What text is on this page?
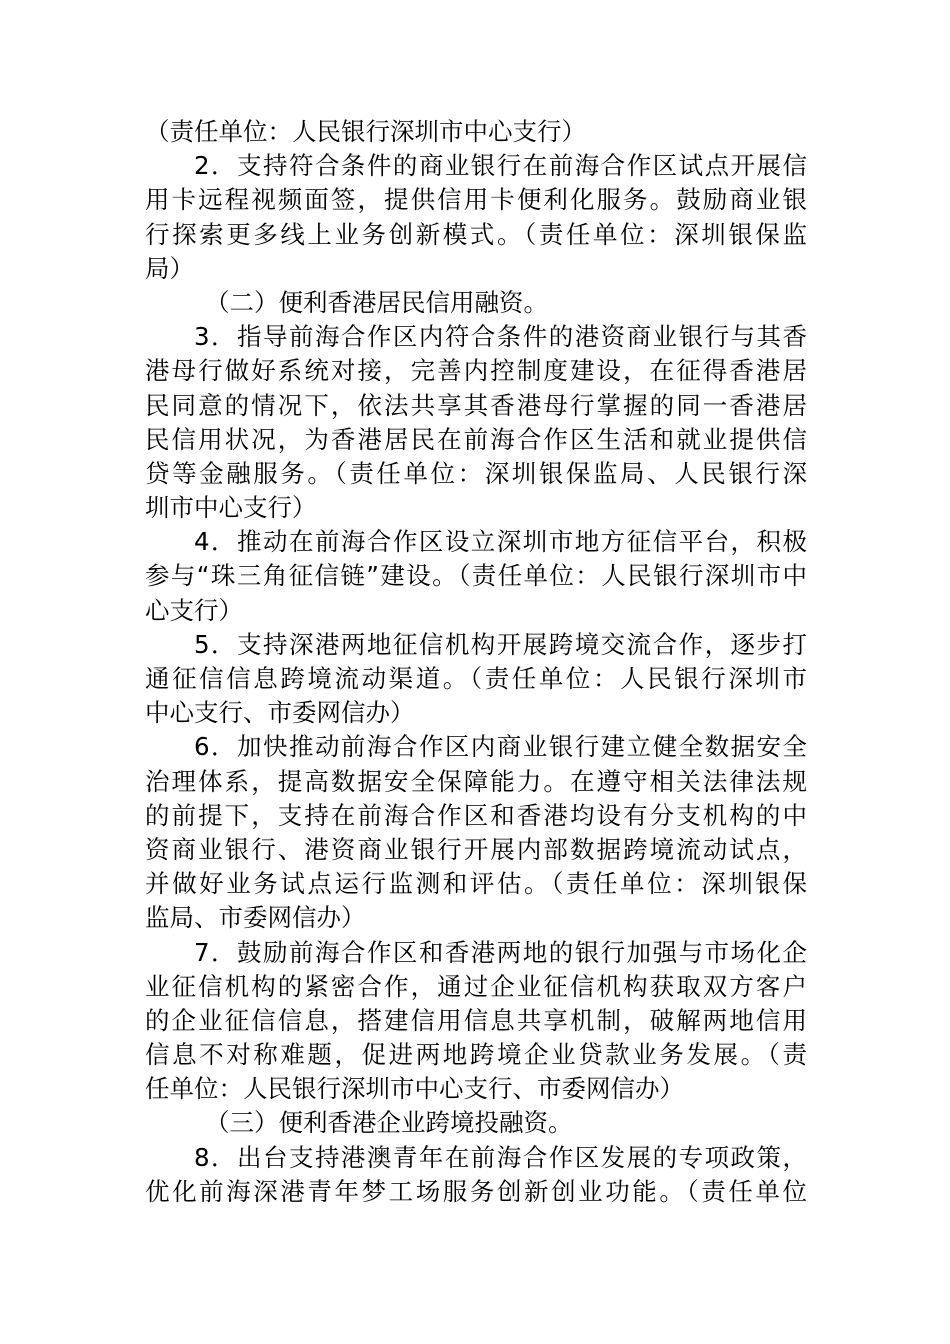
（责任单位：人民银行深圳市中心支行）
2．支持符合条件的商业银行在前海合作区试点开展信
用卡远程视频面签，提供信用卡便利化服务。鼓励商业银
行探索更多线上业务创新模式。（责任单位：深圳银保监
局）
（二）便利香港居民信用融资。
3．指导前海合作区内符合条件的港资商业银行与其香
港母行做好系统对接，完善内控制度建设，在征得香港居
民同意的情况下，依法共享其香港母行掌握的同一香港居
民信用状况，为香港居民在前海合作区生活和就业提供信
贷等金融服务。（责任单位：深圳银保监局、人民银行深
圳市中心支行）
4．推动在前海合作区设立深圳市地方征信平台，积极
参与“珠三角征信链”建设。（责任单位：人民银行深圳市中
心支行）
5．支持深港两地征信机构开展跨境交流合作，逐步打
通征信信息跨境流动渠道。（责任单位：人民银行深圳市
中心支行、市委网信办）
6．加快推动前海合作区内商业银行建立健全数据安全
治理体系，提高数据安全保障能力。在遵守相关法律法规
的前提下，支持在前海合作区和香港均设有分支机构的中
资商业银行、港资商业银行开展内部数据跨境流动试点，
并做好业务试点运行监测和评估。（责任单位：深圳银保
监局、市委网信办）
7．鼓励前海合作区和香港两地的银行加强与市场化企
业征信机构的紧密合作，通过企业征信机构获取双方客户
的企业征信信息，搭建信用信息共享机制，破解两地信用
信息不对称难题，促进两地跨境企业贷款业务发展。（责
任单位：人民银行深圳市中心支行、市委网信办）
（三）便利香港企业跨境投融资。
8．出台支持港澳青年在前海合作区发展的专项政策，
优化前海深港青年梦工场服务创新创业功能。（责任单位
